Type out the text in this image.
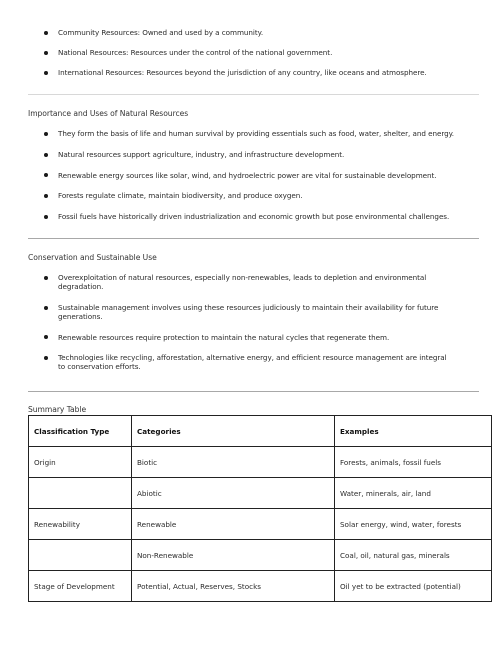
Community Resources: Owned and used by a community.
National Resources: Resources under the control of the national government.
International Resources: Resources beyond the jurisdiction of any country, like oceans and atmosphere.
Importance and Uses of Natural Resources
They form the basis of life and human survival by providing essentials such as food, water, shelter, and energy.
Natural resources support agriculture, industry, and infrastructure development.
Renewable energy sources like solar, wind, and hydroelectric power are vital for sustainable development.
Forests regulate climate, maintain biodiversity, and produce oxygen.
Fossil fuels have historically driven industrialization and economic growth but pose environmental challenges.
Conservation and Sustainable Use
Overexploitation of natural resources, especially non-renewables, leads to depletion and environmental degradation.
Sustainable management involves using these resources judiciously to maintain their availability for future generations.
Renewable resources require protection to maintain the natural cycles that regenerate them.
Technologies like recycling, afforestation, alternative energy, and efficient resource management are integral to conservation efforts.
Summary Table
Classification Type	Categories	Examples
Origin	Biotic	Forests, animals, fossil fuels
	Abiotic	Water, minerals, air, land
Renewability	Renewable	Solar energy, wind, water, forests
	Non-Renewable	Coal, oil, natural gas, minerals
Stage of Development	Potential, Actual, Reserves, Stocks	Oil yet to be extracted (potential)
